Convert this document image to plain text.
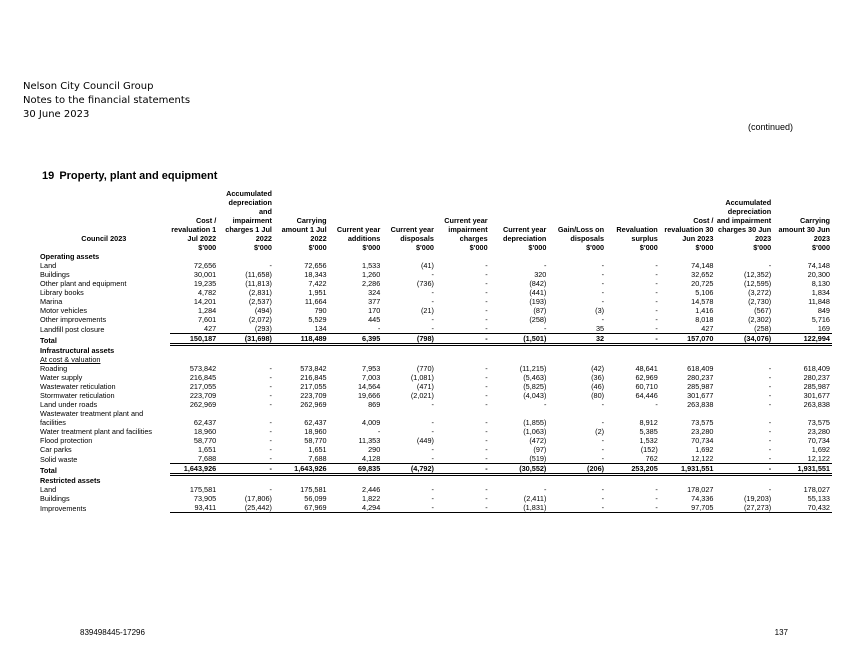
Nelson City Council Group
Notes to the financial statements
30 June 2023
(continued)
19 Property, plant and equipment
Council 2023	Cost / revaluation 1 Jul 2022	Accumulated depreciation and impairment charges 1 Jul 2022	Carrying amount 1 Jul 2022	Current year additions	Current year disposals	Current year impairment charges	Current year depreciation	Gain/Loss on disposals	Revaluation surplus	Cost / revaluation 30 Jun 2023	Accumulated depreciation and impairment charges 30 Jun 2023	Carrying amount 30 Jun 2023
	$'000	$'000	$'000	$'000	$'000	$'000	$'000	$'000	$'000	$'000	$'000	$'000
Operating assets												
Land	72,656	-	72,656	1,533	(41)	-	-	-	-	74,148	-	74,148
Buildings	30,001	(11,658)	18,343	1,260	-	-	320	-	-	32,652	(12,352)	20,300
Other plant and equipment	19,235	(11,813)	7,422	2,286	(736)	-	(842)	-	-	20,725	(12,595)	8,130
Library books	4,782	(2,831)	1,951	324	-	-	(441)	-	-	5,106	(3,272)	1,834
Marina	14,201	(2,537)	11,664	377	-	-	(193)	-	-	14,578	(2,730)	11,848
Motor vehicles	1,284	(494)	790	170	(21)	-	(87)	(3)	-	1,416	(567)	849
Other improvements	7,601	(2,072)	5,529	445	-	-	(258)	-	-	8,018	(2,302)	5,716
Landfill post closure	427	(293)	134	-	-	-	-	35	-	427	(258)	169
Total	150,187	(31,698)	118,489	6,395	(798)	-	(1,501)	32	-	157,070	(34,076)	122,994
Infrastructural assets												
At cost & valuation												
Roading	573,842	-	573,842	7,953	(770)	-	(11,215)	(42)	48,641	618,409	-	618,409
Water supply	216,845	-	216,845	7,003	(1,081)	-	(5,463)	(36)	62,969	280,237	-	280,237
Wastewater reticulation	217,055	-	217,055	14,564	(471)	-	(5,825)	(46)	60,710	285,987	-	285,987
Stormwater reticulation	223,709	-	223,709	19,666	(2,021)	-	(4,043)	(80)	64,446	301,677	-	301,677
Land under roads	262,969	-	262,969	869	-	-	-	-	-	263,838	-	263,838
Wastewater treatment plant and facilities	62,437	-	62,437	4,009	-	-	(1,855)	-	8,912	73,575	-	73,575
Water treatment plant and facilities	18,960	-	18,960	-	-	-	(1,063)	(2)	5,385	23,280	-	23,280
Flood protection	58,770	-	58,770	11,353	(449)	-	(472)	-	1,532	70,734	-	70,734
Car parks	1,651	-	1,651	290	-	-	(97)	-	(152)	1,692	-	1,692
Solid waste	7,688	-	7,688	4,128	-	-	(519)	-	762	12,122	-	12,122
Total	1,643,926	-	1,643,926	69,835	(4,792)	-	(30,552)	(206)	253,205	1,931,551	-	1,931,551
Restricted assets												
Land	175,581	-	175,581	2,446	-	-	-	-	-	178,027	-	178,027
Buildings	73,905	(17,806)	56,099	1,822	-	-	(2,411)	-	-	74,336	(19,203)	55,133
Improvements	93,411	(25,442)	67,969	4,294	-	-	(1,831)	-	-	97,705	(27,273)	70,432
839498445-17296	137
